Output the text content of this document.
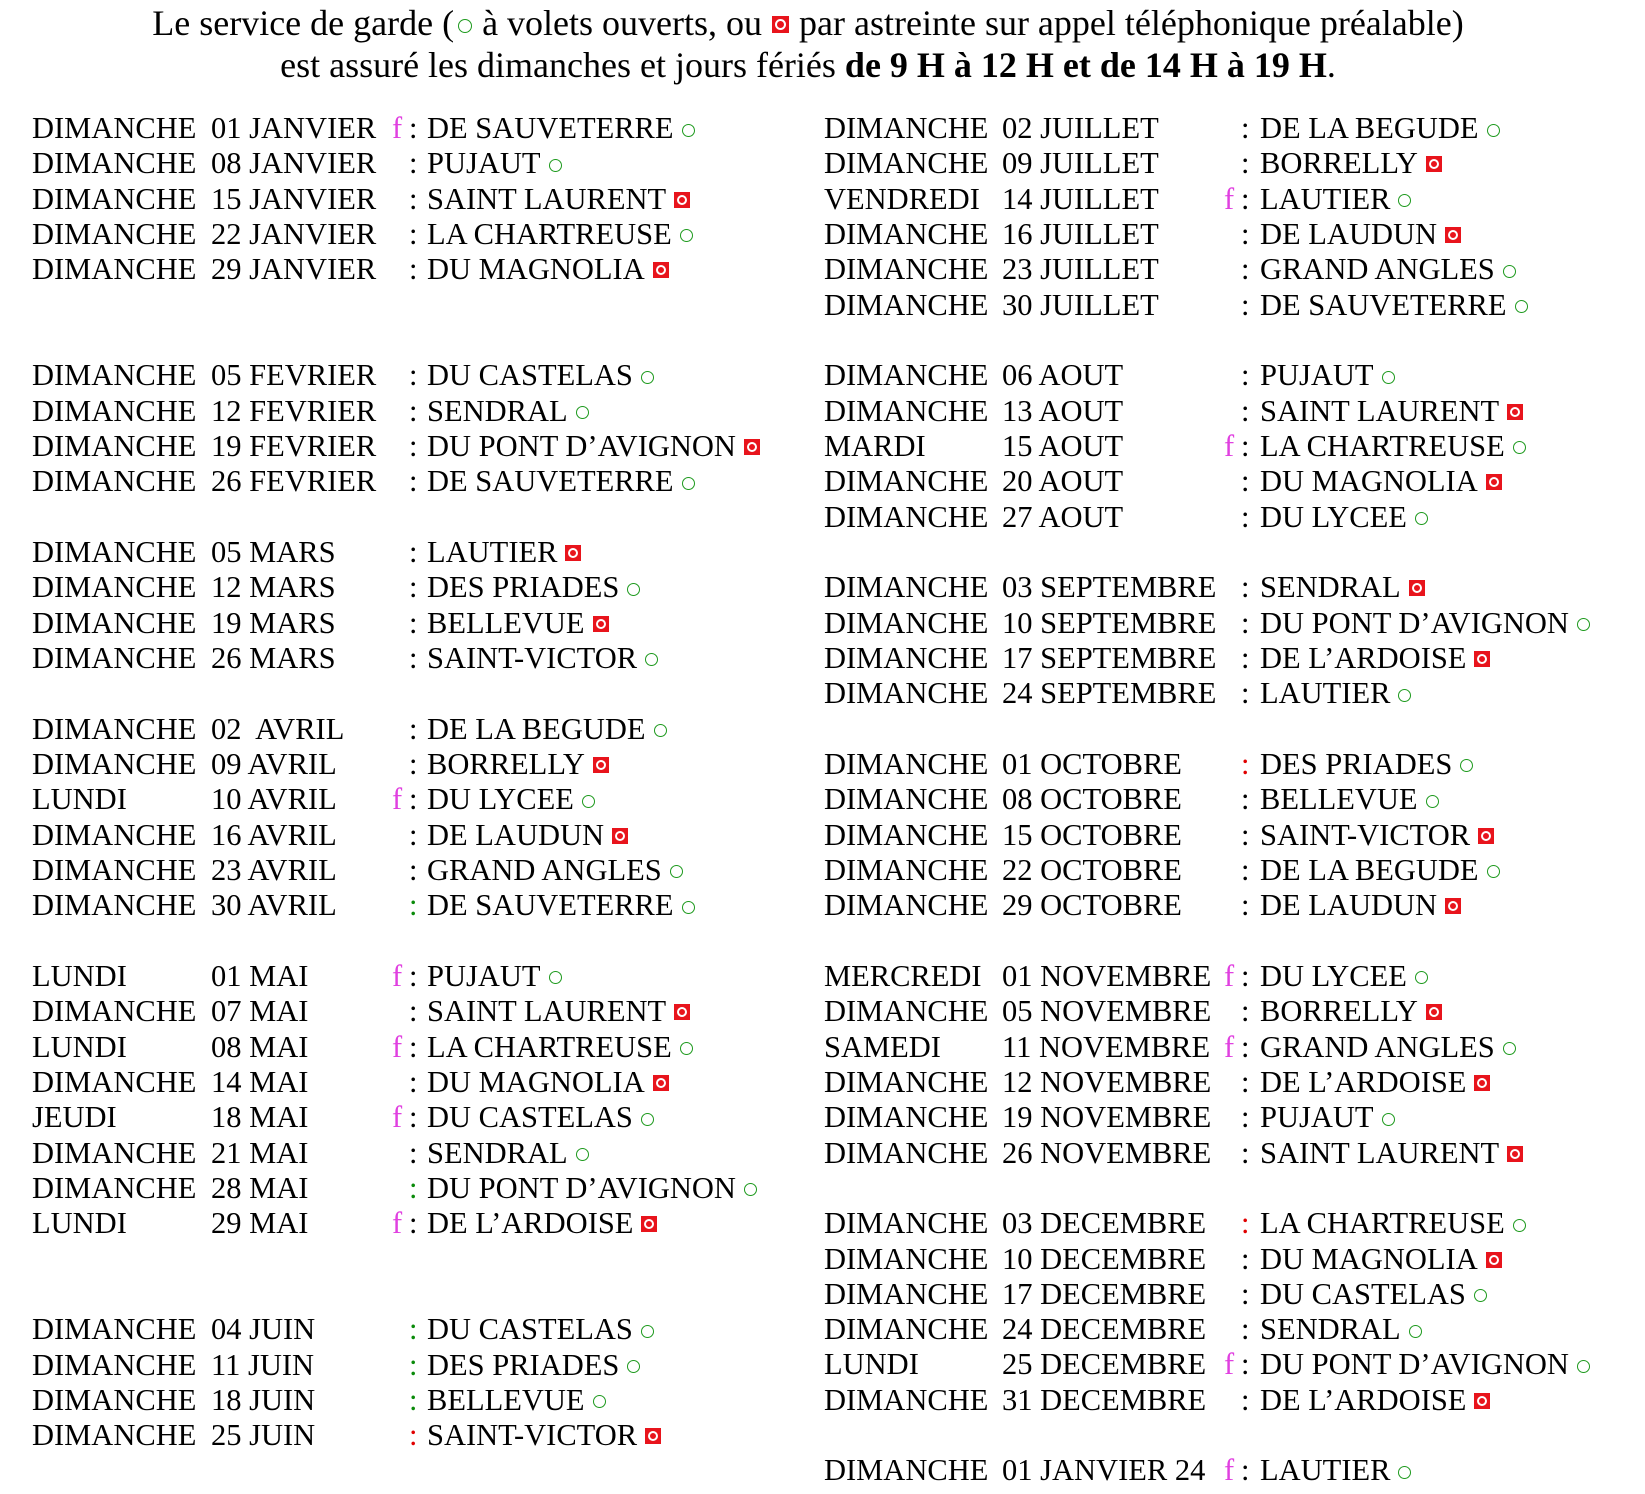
Le service de garde ( à volets ouverts, ou par astreinte sur appel téléphonique préalable)
est assuré les dimanches et jours fériés de 9 H à 12 H et de 14 H à 19 H.
DIMANCHE 01 JANVIER f : DE SAUVETERRE
DIMANCHE 08 JANVIER : PUJAUT
DIMANCHE 15 JANVIER : SAINT LAURENT
DIMANCHE 22 JANVIER : LA CHARTREUSE
DIMANCHE 29 JANVIER : DU MAGNOLIA
DIMANCHE 05 FEVRIER : DU CASTELAS
DIMANCHE 12 FEVRIER : SENDRAL
DIMANCHE 19 FEVRIER : DU PONT D’AVIGNON
DIMANCHE 26 FEVRIER : DE SAUVETERRE
DIMANCHE 05 MARS : LAUTIER
DIMANCHE 12 MARS : DES PRIADES
DIMANCHE 19 MARS : BELLEVUE
DIMANCHE 26 MARS : SAINT-VICTOR
DIMANCHE 02  AVRIL : DE LA BEGUDE
DIMANCHE 09 AVRIL : BORRELLY
LUNDI	10 AVRIL f : DU LYCEE
DIMANCHE 16 AVRIL : DE LAUDUN
DIMANCHE 23 AVRIL : GRAND ANGLES
DIMANCHE 30 AVRIL : DE SAUVETERRE
LUNDI	01 MAI	f : PUJAUT
DIMANCHE 07 MAI	: SAINT LAURENT
LUNDI	08 MAI	f : LA CHARTREUSE
DIMANCHE 14 MAI	: DU MAGNOLIA
JEUDI	18 MAI	f : DU CASTELAS
DIMANCHE 21 MAI	: SENDRAL
DIMANCHE 28 MAI	: DU PONT D’AVIGNON
LUNDI	29 MAI	f : DE L’ARDOISE
DIMANCHE 04 JUIN	: DU CASTELAS
DIMANCHE 11 JUIN	: DES PRIADES
DIMANCHE 18 JUIN	: BELLEVUE
DIMANCHE 25 JUIN	: SAINT-VICTOR
DIMANCHE 02 JUILLET	: DE LA BEGUDE
DIMANCHE 09 JUILLET	: BORRELLY
VENDREDI 14 JUILLET f : LAUTIER
DIMANCHE 16 JUILLET	: DE LAUDUN
DIMANCHE 23 JUILLET	: GRAND ANGLES
DIMANCHE 30 JUILLET	: DE SAUVETERRE
DIMANCHE 06 AOUT	: PUJAUT
DIMANCHE 13 AOUT	: SAINT LAURENT
MARDI	15 AOUT	f : LA CHARTREUSE
DIMANCHE 20 AOUT	: DU MAGNOLIA
DIMANCHE 27 AOUT	: DU LYCEE
DIMANCHE 03 SEPTEMBRE : SENDRAL
DIMANCHE 10 SEPTEMBRE : DU PONT D’AVIGNON
DIMANCHE 17 SEPTEMBRE : DE L’ARDOISE
DIMANCHE 24 SEPTEMBRE : LAUTIER
DIMANCHE 01 OCTOBRE : DES PRIADES
DIMANCHE 08 OCTOBRE : BELLEVUE
DIMANCHE 15 OCTOBRE : SAINT-VICTOR
DIMANCHE 22 OCTOBRE : DE LA BEGUDE
DIMANCHE 29 OCTOBRE : DE LAUDUN
MERCREDI 01 NOVEMBRE f : DU LYCEE
DIMANCHE 05 NOVEMBRE : BORRELLY
SAMEDI 11 NOVEMBRE f : GRAND ANGLES
DIMANCHE 12 NOVEMBRE : DE L’ARDOISE
DIMANCHE 19 NOVEMBRE : PUJAUT
DIMANCHE 26 NOVEMBRE : SAINT LAURENT
DIMANCHE 03 DECEMBRE : LA CHARTREUSE
DIMANCHE 10 DECEMBRE : DU MAGNOLIA
DIMANCHE 17 DECEMBRE : DU CASTELAS
DIMANCHE 24 DECEMBRE : SENDRAL
LUNDI	25 DECEMBRE f : DU PONT D’AVIGNON
DIMANCHE 31 DECEMBRE : DE L’ARDOISE
DIMANCHE 01 JANVIER 24 f : LAUTIER
